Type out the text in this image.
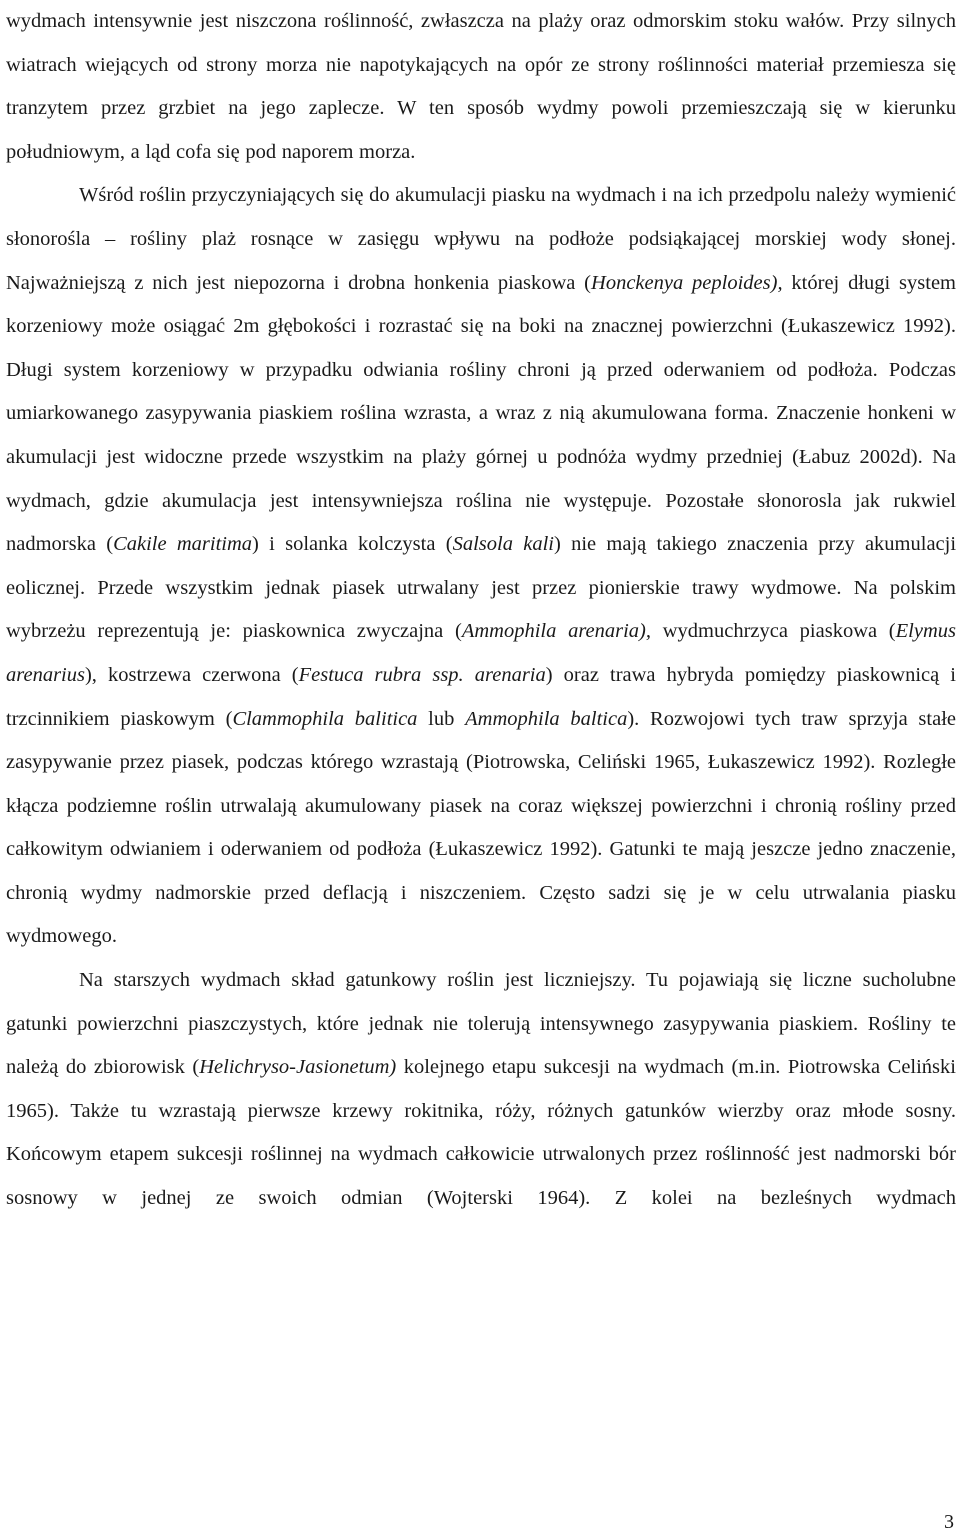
wydmach intensywnie jest niszczona roślinność, zwłaszcza na plaży oraz odmorskim stoku wałów. Przy silnych wiatrach wiejących od strony morza nie napotykających na opór ze strony roślinności materiał przemiesza się tranzytem przez grzbiet na jego zaplecze. W ten sposób wydmy powoli przemieszczają się w kierunku południowym, a ląd cofa się pod naporem morza.

Wśród roślin przyczyniających się do akumulacji piasku na wydmach i na ich przedpolu należy wymienić słonorośla – rośliny plaż rosnące w zasięgu wpływu na podłoże podsiąkającej morskiej wody słonej. Najważniejszą z nich jest niepozorna i drobna honkenia piaskowa (Honckenya peploides), której długi system korzeniowy może osiągać 2m głębokości i rozrastać się na boki na znacznej powierzchni (Łukaszewicz 1992). Długi system korzeniowy w przypadku odwiania rośliny chroni ją przed oderwaniem od podłoża. Podczas umiarkowanego zasypywania piaskiem roślina wzrasta, a wraz z nią akumulowana forma. Znaczenie honkeni w akumulacji jest widoczne przede wszystkim na plaży górnej u podnóża wydmy przedniej (Łabuz 2002d). Na wydmach, gdzie akumulacja jest intensywniejsza roślina nie występuje. Pozostałe słonorosla jak rukwiel nadmorska (Cakile maritima) i solanka kolczysta (Salsola kali) nie mają takiego znaczenia przy akumulacji eolicznej. Przede wszystkim jednak piasek utrwalany jest przez pionierskie trawy wydmowe. Na polskim wybrzeżu reprezentują je: piaskownica zwyczajna (Ammophila arenaria), wydmuchrzyca piaskowa (Elymus arenarius), kostrzewa czerwona (Festuca rubra ssp. arenaria) oraz trawa hybryda pomiędzy piaskownicą i trzcinnikiem piaskowym (Clammophila balitica lub Ammophila baltica). Rozwojowi tych traw sprzyja stałe zasypywanie przez piasek, podczas którego wzrastają (Piotrowska, Celiński 1965, Łukaszewicz 1992). Rozległe kłącza podziemne roślin utrwalają akumulowany piasek na coraz większej powierzchni i chronią rośliny przed całkowitym odwianiem i oderwaniem od podłoża (Łukaszewicz 1992). Gatunki te mają jeszcze jedno znaczenie, chronią wydmy nadmorskie przed deflacją i niszczeniem. Często sadzi się je w celu utrwalania piasku wydmowego.

Na starszych wydmach skład gatunkowy roślin jest liczniejszy. Tu pojawiają się liczne sucholubne gatunki powierzchni piaszczystych, które jednak nie tolerują intensywnego zasypywania piaskiem. Rośliny te należą do zbiorowisk (Helichryso-Jasionetum) kolejnego etapu sukcesji na wydmach (m.in. Piotrowska Celiński 1965). Także tu wzrastają pierwsze krzewy rokitnika, róży, różnych gatunków wierzby oraz młode sosny. Końcowym etapem sukcesji roślinnej na wydmach całkowicie utrwalonych przez roślinność jest nadmorski bór sosnowy w jednej ze swoich odmian (Wojterski 1964). Z kolei na bezleśnych wydmach

3
